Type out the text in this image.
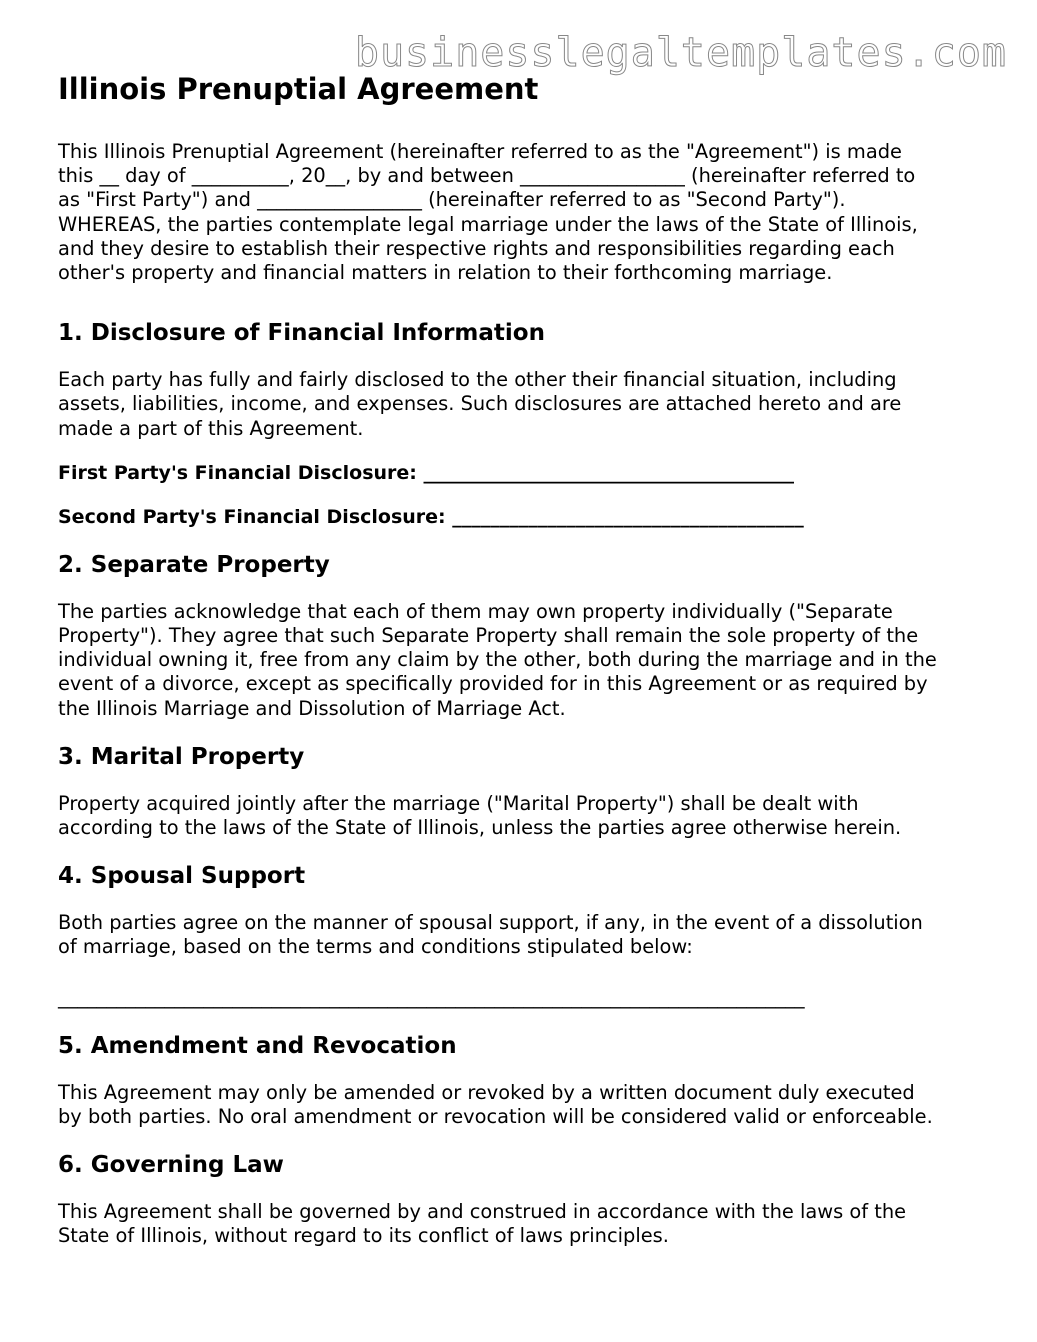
businesslegaltemplates.com
Illinois Prenuptial Agreement

This Illinois Prenuptial Agreement (hereinafter referred to as the "Agreement") is made
this __ day of __________, 20__, by and between _________________ (hereinafter referred to
as "First Party") and _________________ (hereinafter referred to as "Second Party").
WHEREAS, the parties contemplate legal marriage under the laws of the State of Illinois,
and they desire to establish their respective rights and responsibilities regarding each
other's property and financial matters in relation to their forthcoming marriage.

1. Disclosure of Financial Information

Each party has fully and fairly disclosed to the other their financial situation, including
assets, liabilities, income, and expenses. Such disclosures are attached hereto and are
made a part of this Agreement.

First Party's Financial Disclosure: _______________________________________
Second Party's Financial Disclosure: _____________________________________
2. Separate Property

The parties acknowledge that each of them may own property individually ("Separate
Property"). They agree that such Separate Property shall remain the sole property of the
individual owning it, free from any claim by the other, both during the marriage and in the
event of a divorce, except as specifically provided for in this Agreement or as required by
the Illinois Marriage and Dissolution of Marriage Act.

3. Marital Property

Property acquired jointly after the marriage ("Marital Property") shall be dealt with
according to the laws of the State of Illinois, unless the parties agree otherwise herein.

4. Spousal Support

Both parties agree on the manner of spousal support, if any, in the event of a dissolution
of marriage, based on the terms and conditions stipulated below:

_____________________________________________________________________________
5. Amendment and Revocation

This Agreement may only be amended or revoked by a written document duly executed
by both parties. No oral amendment or revocation will be considered valid or enforceable.

6. Governing Law

This Agreement shall be governed by and construed in accordance with the laws of the
State of Illinois, without regard to its conflict of laws principles.
